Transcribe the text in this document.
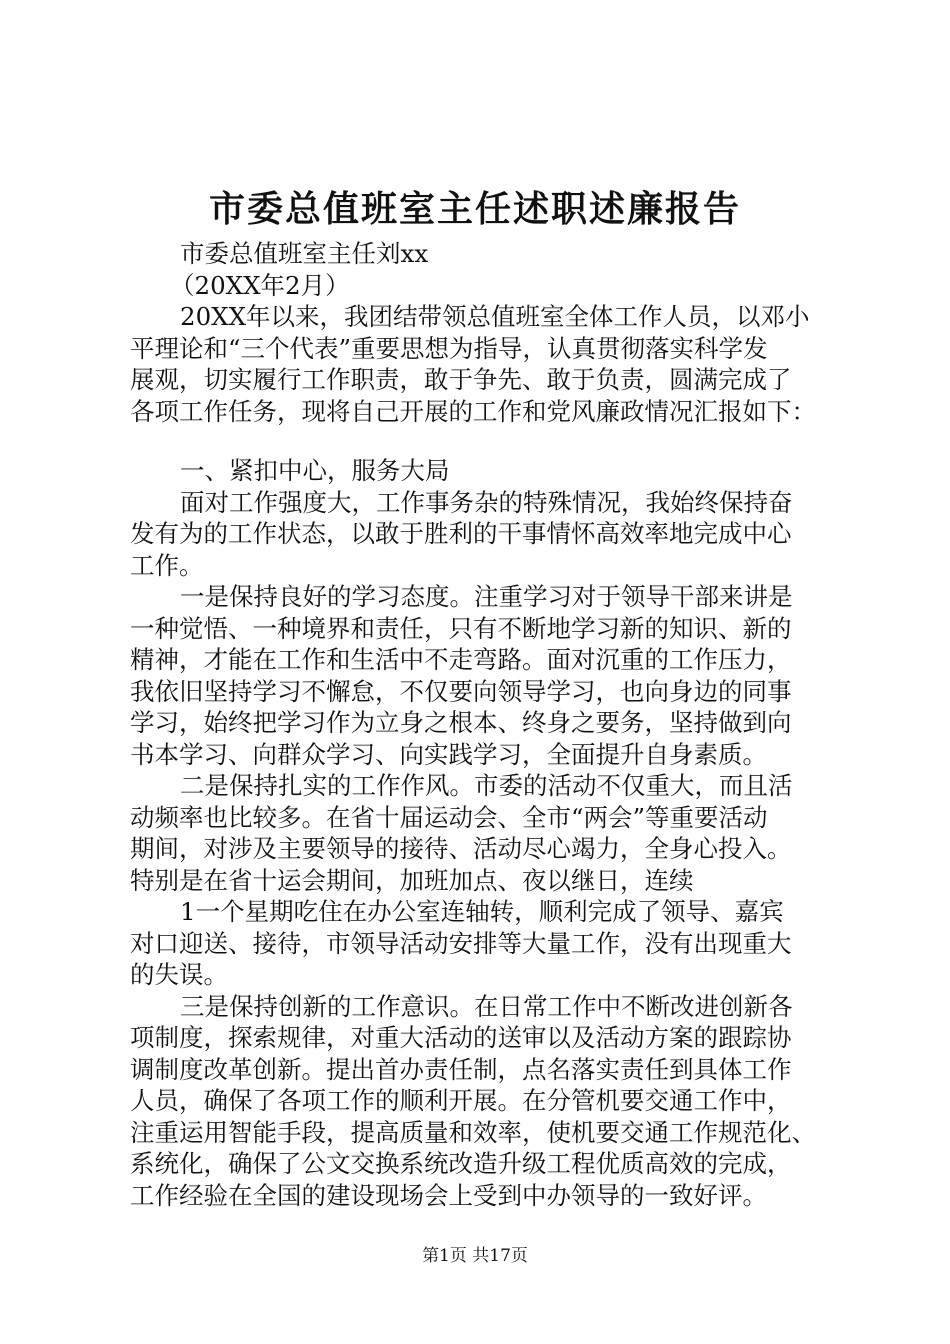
市委总值班室主任述职述廉报告
市委总值班室主任刘xx
（20XX年2月）
20XX年以来，我团结带领总值班室全体工作人员，以邓小
平理论和“三个代表”重要思想为指导，认真贯彻落实科学发
展观，切实履行工作职责，敢于争先、敢于负责，圆满完成了
各项工作任务，现将自己开展的工作和党风廉政情况汇报如下：
一、紧扣中心，服务大局
面对工作强度大，工作事务杂的特殊情况，我始终保持奋
发有为的工作状态，以敢于胜利的干事情怀高效率地完成中心
工作。
一是保持良好的学习态度。注重学习对于领导干部来讲是
一种觉悟、一种境界和责任，只有不断地学习新的知识、新的
精神，才能在工作和生活中不走弯路。面对沉重的工作压力，
我依旧坚持学习不懈怠，不仅要向领导学习，也向身边的同事
学习，始终把学习作为立身之根本、终身之要务，坚持做到向
书本学习、向群众学习、向实践学习，全面提升自身素质。
二是保持扎实的工作作风。市委的活动不仅重大，而且活
动频率也比较多。在省十届运动会、全市“两会”等重要活动
期间，对涉及主要领导的接待、活动尽心竭力，全身心投入。
特别是在省十运会期间，加班加点、夜以继日，连续
1一个星期吃住在办公室连轴转，顺利完成了领导、嘉宾
对口迎送、接待，市领导活动安排等大量工作，没有出现重大
的失误。
三是保持创新的工作意识。在日常工作中不断改进创新各
项制度，探索规律，对重大活动的送审以及活动方案的跟踪协
调制度改革创新。提出首办责任制，点名落实责任到具体工作
人员，确保了各项工作的顺利开展。在分管机要交通工作中，
注重运用智能手段，提高质量和效率，使机要交通工作规范化、
系统化，确保了公文交换系统改造升级工程优质高效的完成，
工作经验在全国的建设现场会上受到中办领导的一致好评。
第1页 共17页
